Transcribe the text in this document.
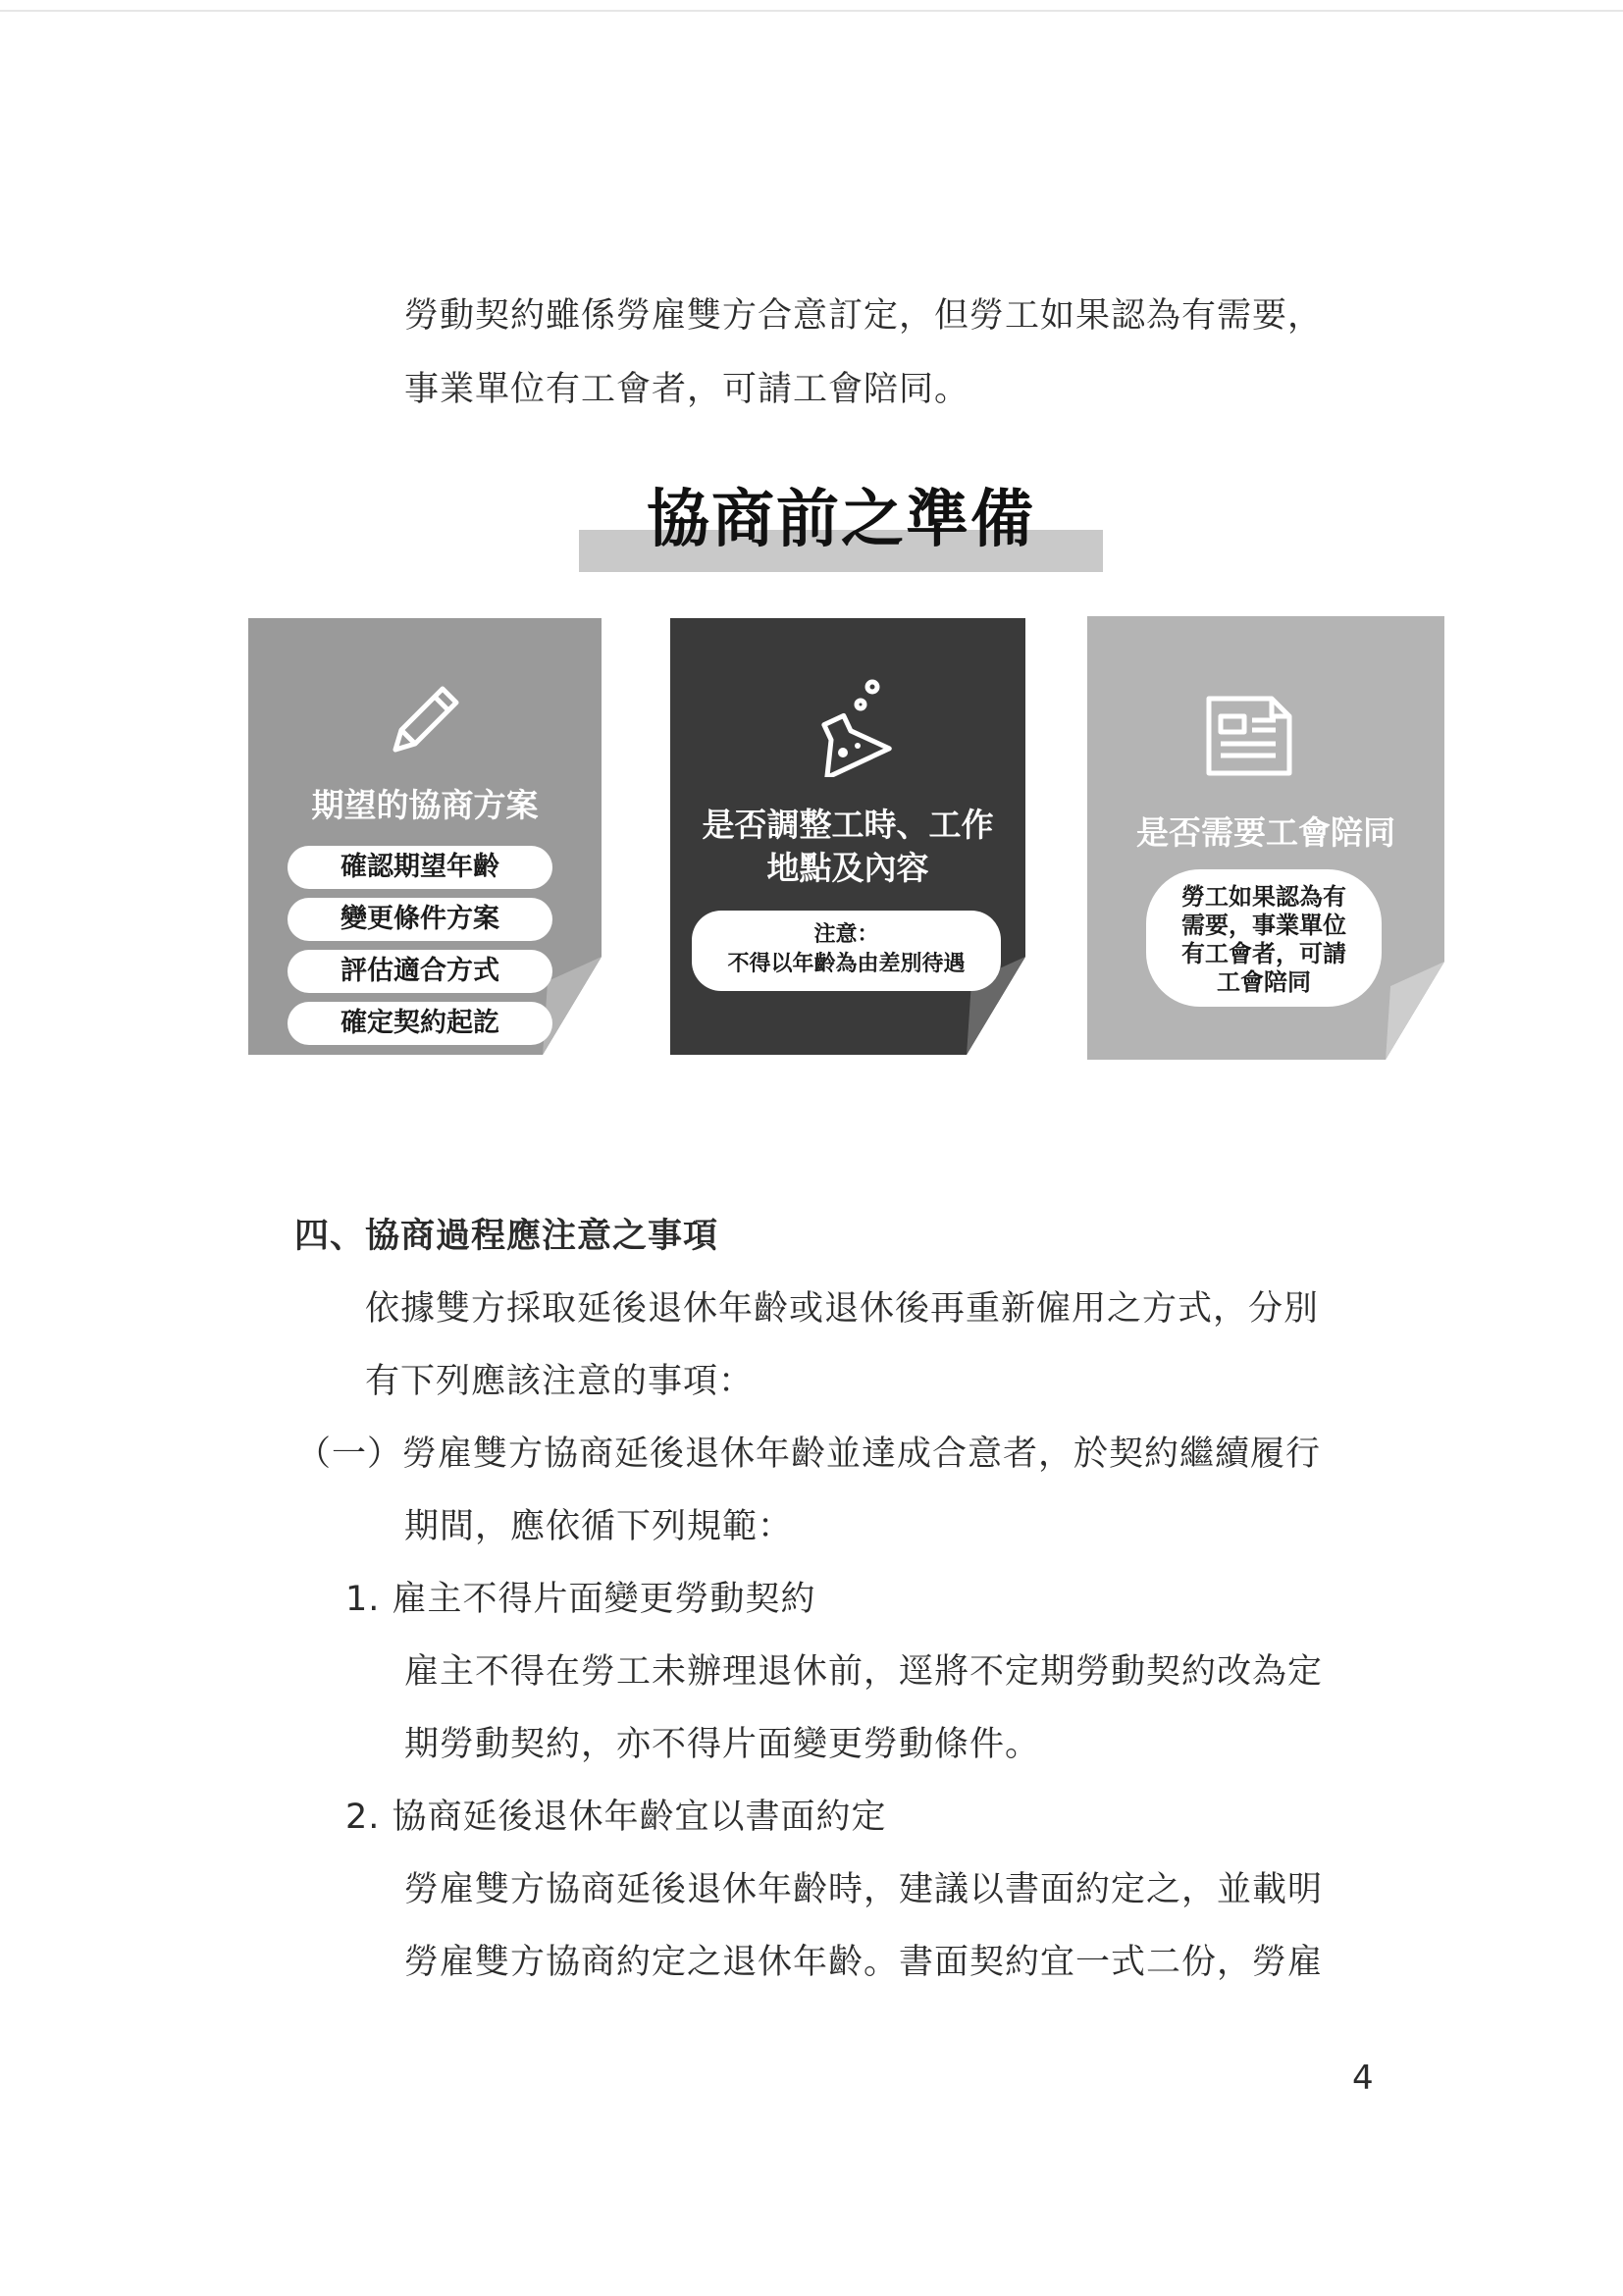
勞動契約雖係勞雇雙方合意訂定，但勞工如果認為有需要，
事業單位有工會者，可請工會陪同。
協商前之準備
期望的協商方案
確認期望年齡
變更條件方案
評估適合方式
確定契約起訖
是否調整工時、工作
地點及內容
注意：
不得以年齡為由差別待遇
是否需要工會陪同
勞工如果認為有
需要，事業單位
有工會者，可請
工會陪同
四、協商過程應注意之事項
依據雙方採取延後退休年齡或退休後再重新僱用之方式，分別
有下列應該注意的事項：
（一）勞雇雙方協商延後退休年齡並達成合意者，於契約繼續履行
期間，應依循下列規範：
1. 雇主不得片面變更勞動契約
雇主不得在勞工未辦理退休前，逕將不定期勞動契約改為定
期勞動契約，亦不得片面變更勞動條件。
2. 協商延後退休年齡宜以書面約定
勞雇雙方協商延後退休年齡時，建議以書面約定之，並載明
勞雇雙方協商約定之退休年齡。書面契約宜一式二份，勞雇
4
